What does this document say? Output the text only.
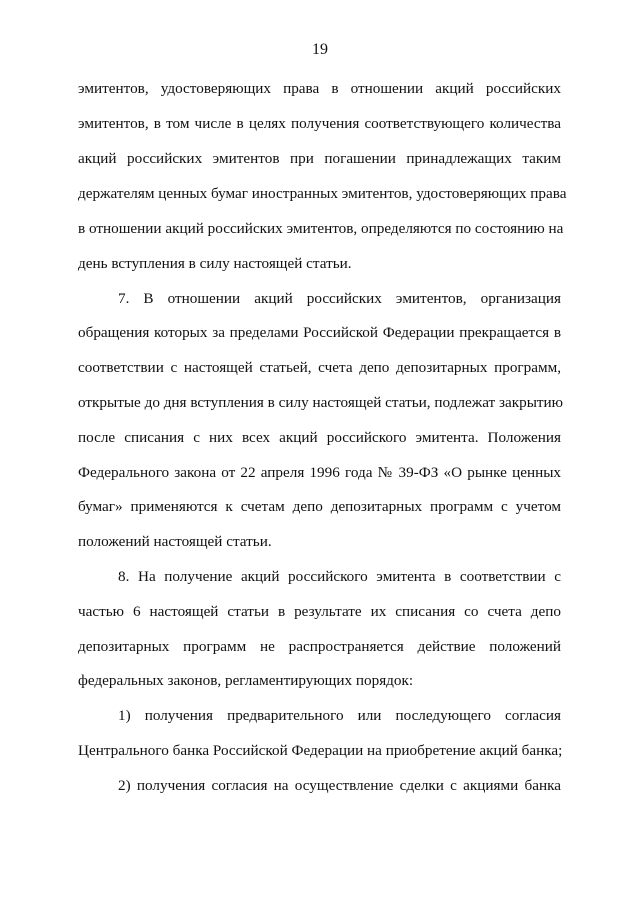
19
эмитентов, удостоверяющих права в отношении акций российских
эмитентов, в том числе в целях получения соответствующего количества
акций российских эмитентов при погашении принадлежащих таким
держателям ценных бумаг иностранных эмитентов, удостоверяющих права
в отношении акций российских эмитентов, определяются по состоянию на
день вступления в силу настоящей статьи.
7. В отношении акций российских эмитентов, организация
обращения которых за пределами Российской Федерации прекращается в
соответствии с настоящей статьей, счета депо депозитарных программ,
открытые до дня вступления в силу настоящей статьи, подлежат закрытию
после списания с них всех акций российского эмитента. Положения
Федерального закона от 22 апреля 1996 года № 39-ФЗ «О рынке ценных
бумаг» применяются к счетам депо депозитарных программ с учетом
положений настоящей статьи.
8. На получение акций российского эмитента в соответствии с
частью 6 настоящей статьи в результате их списания со счета депо
депозитарных программ не распространяется действие положений
федеральных законов, регламентирующих порядок:
1) получения предварительного или последующего согласия
Центрального банка Российской Федерации на приобретение акций банка;
2) получения согласия на осуществление сделки с акциями банка
